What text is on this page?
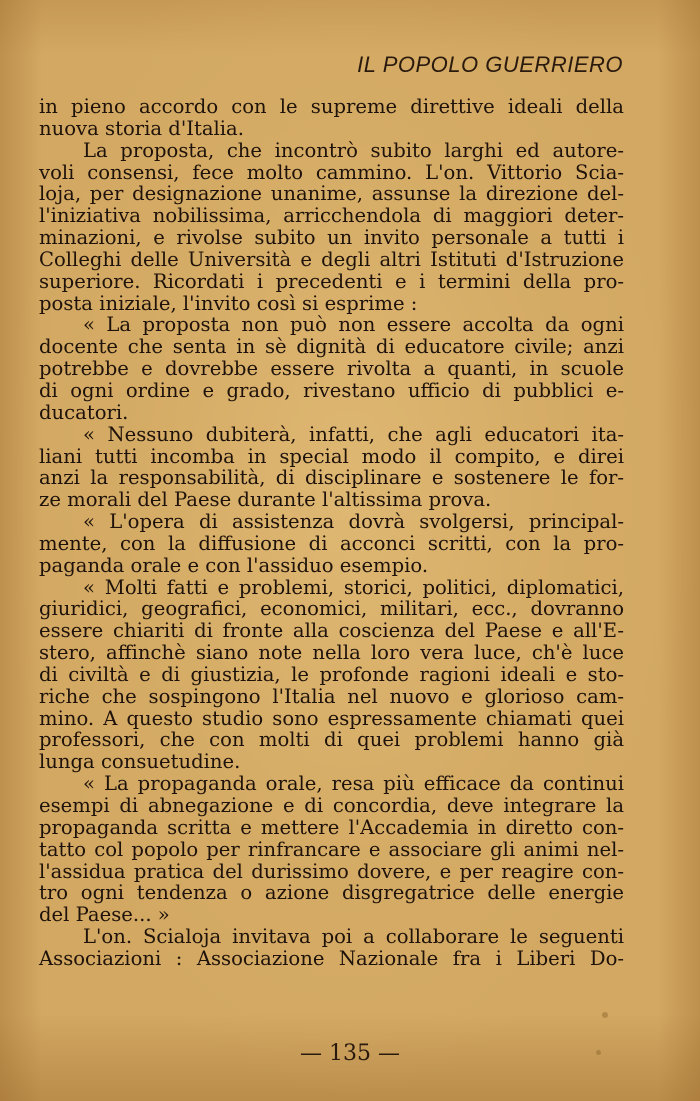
IL POPOLO GUERRIERO
in pieno accordo con le supreme direttive ideali della
nuova storia d'Italia.
La proposta, che incontrò subito larghi ed autore-
voli consensi, fece molto cammino. L'on. Vittorio Scia-
loja, per designazione unanime, assunse la direzione del-
l'iniziativa nobilissima, arricchendola di maggiori deter-
minazioni, e rivolse subito un invito personale a tutti i
Colleghi delle Università e degli altri Istituti d'Istruzione
superiore. Ricordati i precedenti e i termini della pro-
posta iniziale, l'invito così si esprime :
« La proposta non può non essere accolta da ogni
docente che senta in sè dignità di educatore civile; anzi
potrebbe e dovrebbe essere rivolta a quanti, in scuole
di ogni ordine e grado, rivestano ufficio di pubblici e-
ducatori.
« Nessuno dubiterà, infatti, che agli educatori ita-
liani tutti incomba in special modo il compito, e direi
anzi la responsabilità, di disciplinare e sostenere le for-
ze morali del Paese durante l'altissima prova.
« L'opera di assistenza dovrà svolgersi, principal-
mente, con la diffusione di acconci scritti, con la pro-
paganda orale e con l'assiduo esempio.
« Molti fatti e problemi, storici, politici, diplomatici,
giuridici, geografici, economici, militari, ecc., dovranno
essere chiariti di fronte alla coscienza del Paese e all'E-
stero, affinchè siano note nella loro vera luce, ch'è luce
di civiltà e di giustizia, le profonde ragioni ideali e sto-
riche che sospingono l'Italia nel nuovo e glorioso cam-
mino. A questo studio sono espressamente chiamati quei
professori, che con molti di quei problemi hanno già
lunga consuetudine.
« La propaganda orale, resa più efficace da continui
esempi di abnegazione e di concordia, deve integrare la
propaganda scritta e mettere l'Accademia in diretto con-
tatto col popolo per rinfrancare e associare gli animi nel-
l'assidua pratica del durissimo dovere, e per reagire con-
tro ogni tendenza o azione disgregatrice delle energie
del Paese... »
L'on. Scialoja invitava poi a collaborare le seguenti
Associazioni : Associazione Nazionale fra i Liberi Do-
— 135 —
